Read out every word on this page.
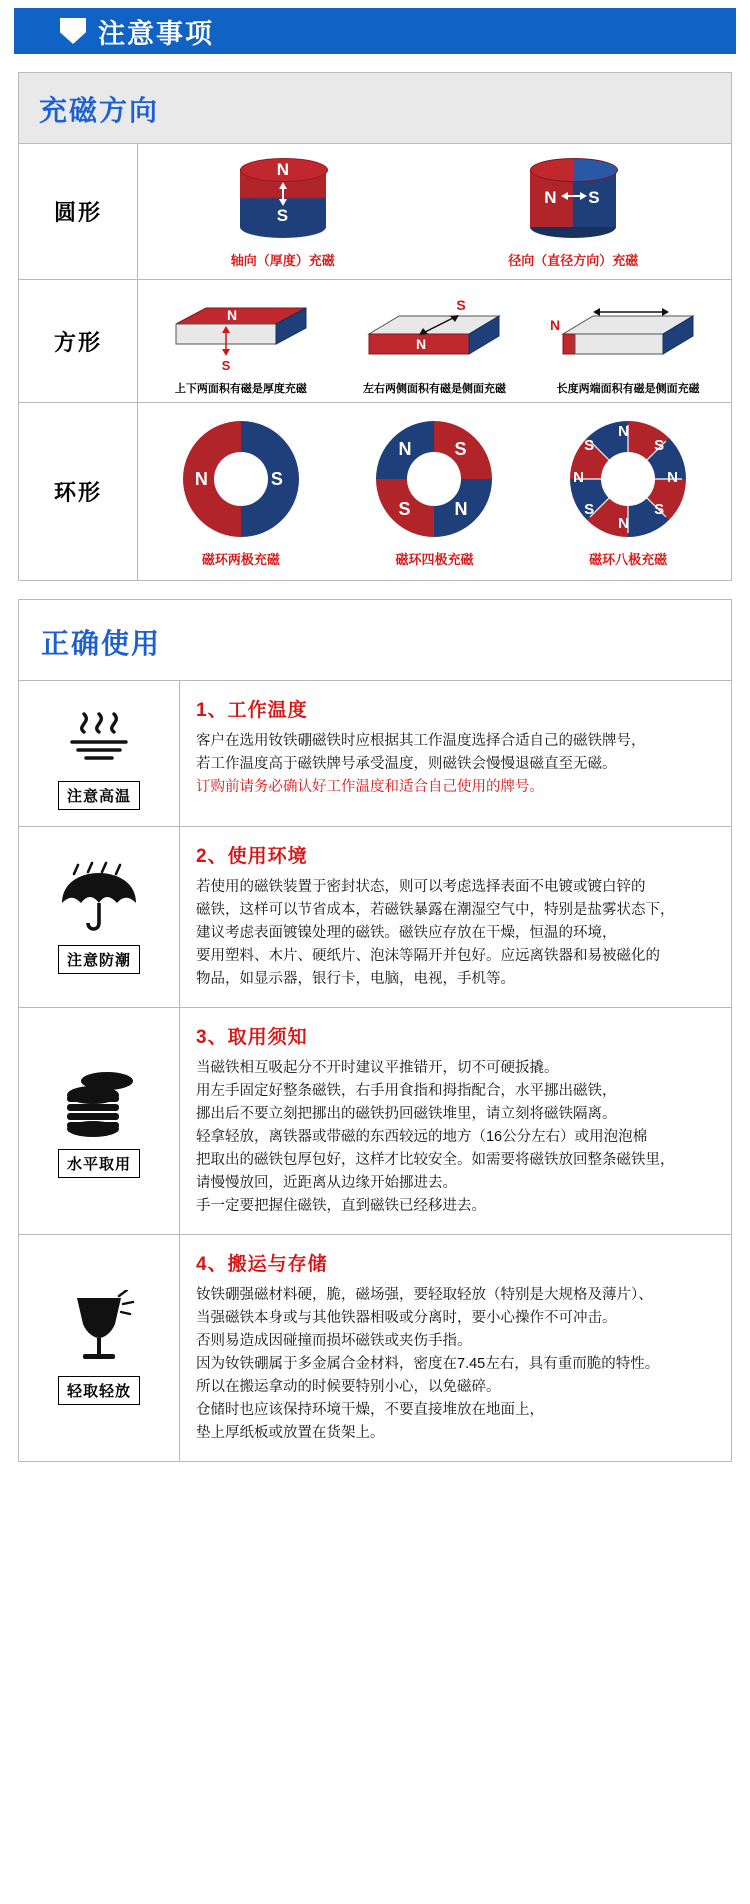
注意事项
充磁方向
圆形
N
S
轴向（厚度）充磁
N S
径向（直径方向）充磁
方形
N
S
上下两面积有磁是厚度充磁
S
N
左右两侧面积有磁是侧面充磁
N
长度两端面积有磁是侧面充磁
环形
N	S
磁环两极充磁
N S
S N
磁环四极充磁
N
S
N
S
N
S
N
S
磁环八极充磁
正确使用
注意高温
1、工作温度
客户在选用钕铁硼磁铁时应根据其工作温度选择合适自己的磁铁牌号，
若工作温度高于磁铁牌号承受温度，则磁铁会慢慢退磁直至无磁。
订购前请务必确认好工作温度和适合自己使用的牌号。
注意防潮
2、使用环境
若使用的磁铁装置于密封状态，则可以考虑选择表面不电镀或镀白锌的
磁铁，这样可以节省成本，若磁铁暴露在潮湿空气中，特别是盐雾状态下，
建议考虑表面镀镍处理的磁铁。磁铁应存放在干燥，恒温的环境，
要用塑料、木片、硬纸片、泡沫等隔开并包好。应远离铁器和易被磁化的
物品，如显示器，银行卡，电脑，电视，手机等。
水平取用
3、取用须知
当磁铁相互吸起分不开时建议平推错开，切不可硬扳撬。
用左手固定好整条磁铁，右手用食指和拇指配合，水平挪出磁铁，
挪出后不要立刻把挪出的磁铁扔回磁铁堆里，请立刻将磁铁隔离。
轻拿轻放，离铁器或带磁的东西较远的地方（16公分左右）或用泡泡棉
把取出的磁铁包厚包好，这样才比较安全。如需要将磁铁放回整条磁铁里，
请慢慢放回，近距离从边缘开始挪进去。
手一定要把握住磁铁，直到磁铁已经移进去。
轻取轻放
4、搬运与存储
钕铁硼强磁材料硬，脆，磁场强，要轻取轻放（特别是大规格及薄片）、
当强磁铁本身或与其他铁器相吸或分离时，要小心操作不可冲击。
否则易造成因碰撞而损坏磁铁或夹伤手指。
因为钕铁硼属于多金属合金材料，密度在7.45左右，具有重而脆的特性。
所以在搬运拿动的时候要特别小心，以免磁碎。
仓储时也应该保持环境干燥，不要直接堆放在地面上，
垫上厚纸板或放置在货架上。
